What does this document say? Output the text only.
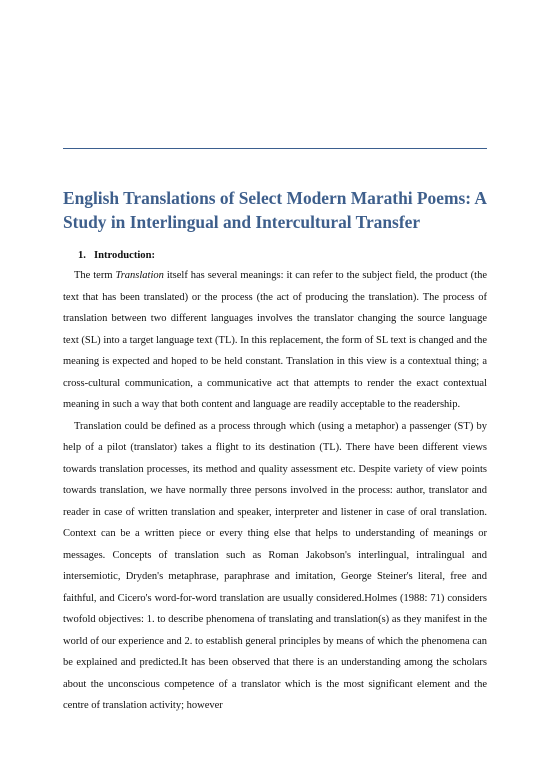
English Translations of Select Modern Marathi Poems: A Study in Interlingual and Intercultural Transfer
1. Introduction:

The term Translation itself has several meanings: it can refer to the subject field, the product (the text that has been translated) or the process (the act of producing the translation). The process of translation between two different languages involves the translator changing the source language text (SL) into a target language text (TL). In this replacement, the form of SL text is changed and the meaning is expected and hoped to be held constant. Translation in this view is a contextual thing; a cross-cultural communication, a communicative act that attempts to render the exact contextual meaning in such a way that both content and language are readily acceptable to the readership.

Translation could be defined as a process through which (using a metaphor) a passenger (ST) by help of a pilot (translator) takes a flight to its destination (TL). There have been different views towards translation processes, its method and quality assessment etc. Despite variety of view points towards translation, we have normally three persons involved in the process: author, translator and reader in case of written translation and speaker, interpreter and listener in case of oral translation. Context can be a written piece or every thing else that helps to understanding of meanings or messages. Concepts of translation such as Roman Jakobson's interlingual, intralingual and intersemiotic, Dryden's metaphrase, paraphrase and imitation, George Steiner's literal, free and faithful, and Cicero's word-for-word translation are usually considered.Holmes (1988: 71) considers twofold objectives: 1. to describe phenomena of translating and translation(s) as they manifest in the world of our experience and 2. to establish general principles by means of which the phenomena can be explained and predicted.It has been observed that there is an understanding among the scholars about the unconscious competence of a translator which is the most significant element and the centre of translation activity; however
